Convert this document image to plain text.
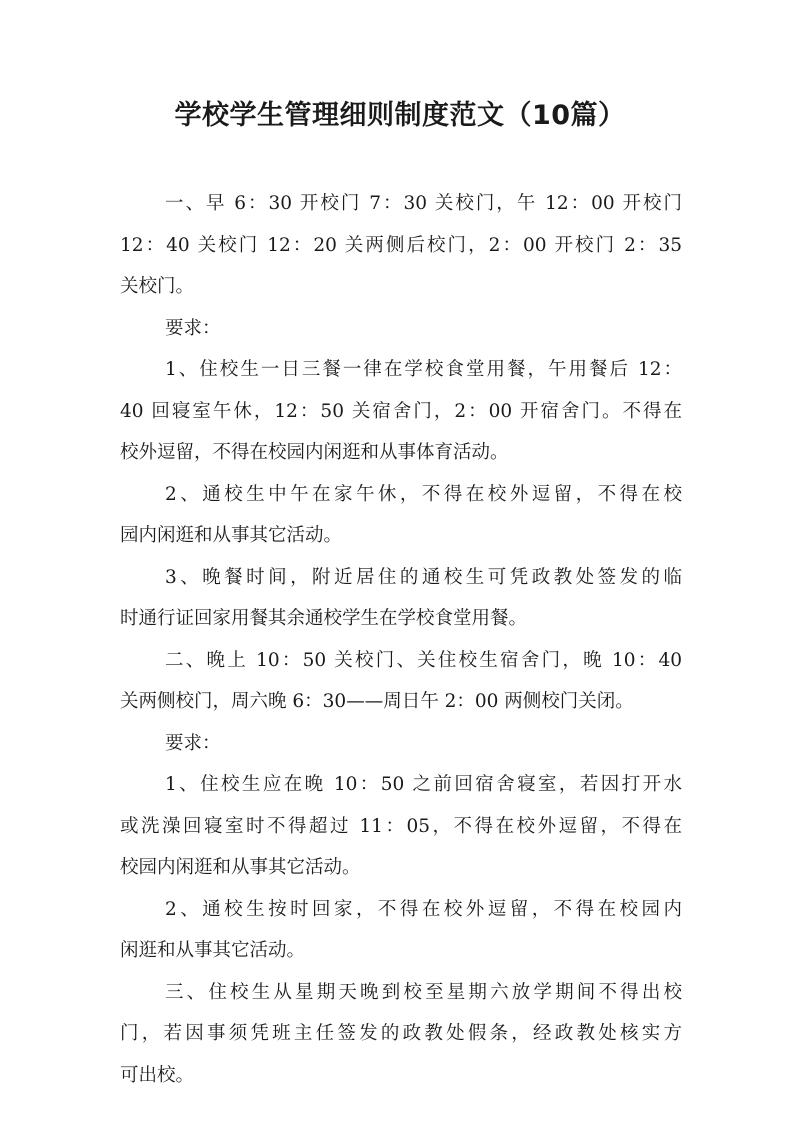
学校学生管理细则制度范文（10篇）
一、早 6：30 开校门 7：30 关校门，午 12：00 开校门
12：40 关校门 12：20 关两侧后校门，2：00 开校门 2：35
关校门。
要求：
1、住校生一日三餐一律在学校食堂用餐，午用餐后 12：
40 回寝室午休，12：50 关宿舍门，2：00 开宿舍门。不得在
校外逗留，不得在校园内闲逛和从事体育活动。
2、通校生中午在家午休，不得在校外逗留，不得在校
园内闲逛和从事其它活动。
3、晚餐时间，附近居住的通校生可凭政教处签发的临
时通行证回家用餐其余通校学生在学校食堂用餐。
二、晚上 10：50 关校门、关住校生宿舍门，晚 10：40
关两侧校门，周六晚 6：30——周日午 2：00 两侧校门关闭。
要求：
1、住校生应在晚 10：50 之前回宿舍寝室，若因打开水
或洗澡回寝室时不得超过 11：05，不得在校外逗留，不得在
校园内闲逛和从事其它活动。
2、通校生按时回家，不得在校外逗留，不得在校园内
闲逛和从事其它活动。
三、住校生从星期天晚到校至星期六放学期间不得出校
门，若因事须凭班主任签发的政教处假条，经政教处核实方
可出校。
